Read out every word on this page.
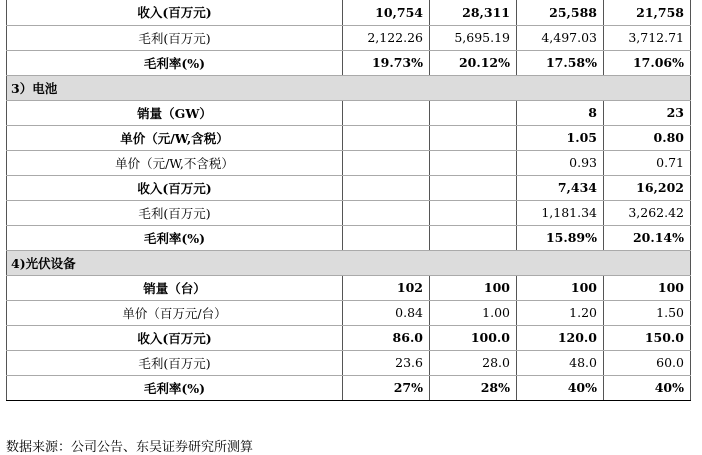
收入(百万元)	10,754	28,311	25,588	21,758
毛利(百万元)	2,122.26	5,695.19	4,497.03	3,712.71
毛利率(%)	19.73%	20.12%	17.58%	17.06%
3）电池				
销量（GW）			8	23
单价（元/W,含税）			1.05	0.80
单价（元/W,不含税）			0.93	0.71
收入(百万元)			7,434	16,202
毛利(百万元)			1,181.34	3,262.42
毛利率(%)			15.89%	20.14%
4)光伏设备				
销量（台）	102	100	100	100
单价（百万元/台）	0.84	1.00	1.20	1.50
收入(百万元)	86.0	100.0	120.0	150.0
毛利(百万元)	23.6	28.0	48.0	60.0
毛利率(%)	27%	28%	40%	40%
数据来源：公司公告、东吴证券研究所测算
